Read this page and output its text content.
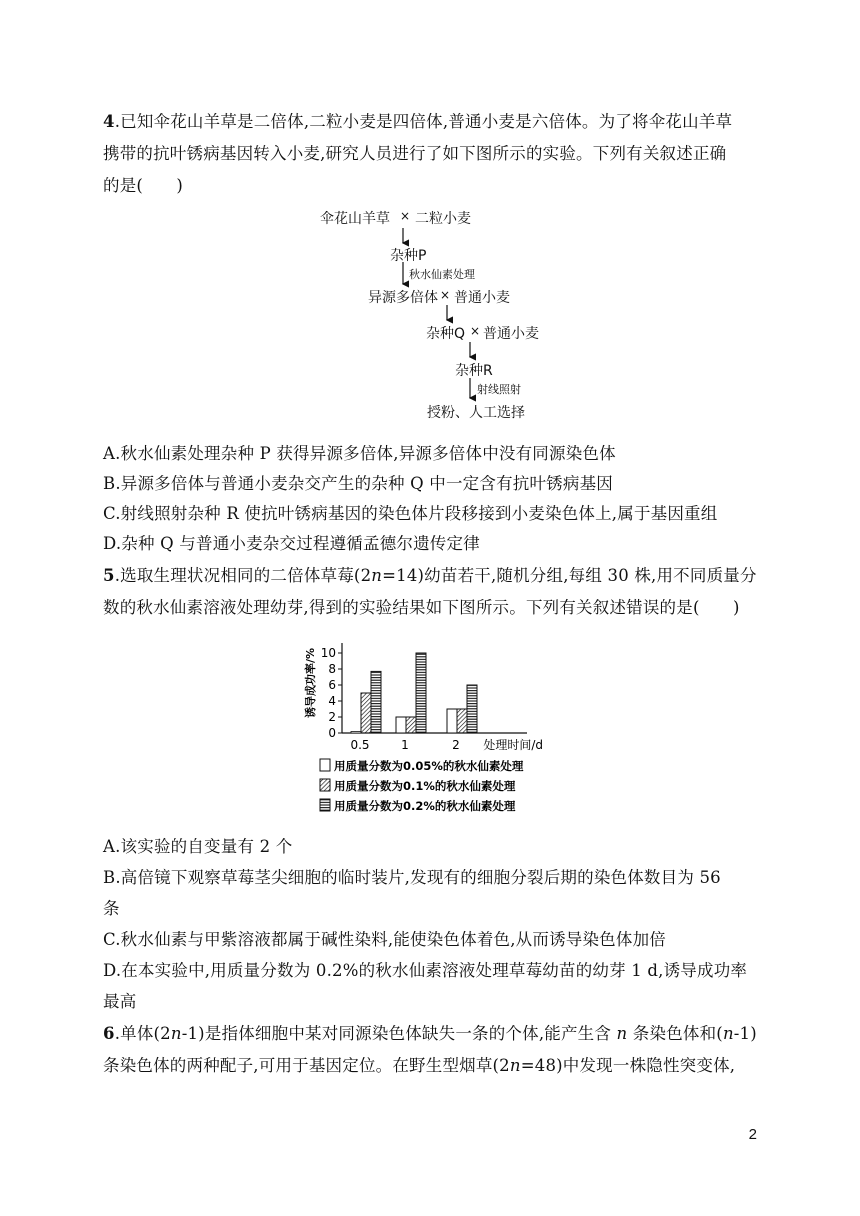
4.已知伞花山羊草是二倍体,二粒小麦是四倍体,普通小麦是六倍体。为了将伞花山羊草
携带的抗叶锈病基因转入小麦,研究人员进行了如下图所示的实验。下列有关叙述正确
的是(　　)
伞花山羊草 × 二粒小麦
杂种P
秋水仙素处理
异源多倍体 × 普通小麦
杂种Q × 普通小麦
杂种R
射线照射
授粉、人工选择
A.秋水仙素处理杂种 P 获得异源多倍体,异源多倍体中没有同源染色体
B.异源多倍体与普通小麦杂交产生的杂种 Q 中一定含有抗叶锈病基因
C.射线照射杂种 R 使抗叶锈病基因的染色体片段移接到小麦染色体上,属于基因重组
D.杂种 Q 与普通小麦杂交过程遵循孟德尔遗传定律
5.选取生理状况相同的二倍体草莓(2n=14)幼苗若干,随机分组,每组 30 株,用不同质量分
数的秋水仙素溶液处理幼芽,得到的实验结果如下图所示。下列有关叙述错误的是(　　)
0
2
4
6
8
10
诱导成功率/%
0.5	1	2 处理时间/d
用质量分数为0.05%的秋水仙素处理
用质量分数为0.1%的秋水仙素处理
用质量分数为0.2%的秋水仙素处理
A.该实验的自变量有 2 个
B.高倍镜下观察草莓茎尖细胞的临时装片,发现有的细胞分裂后期的染色体数目为 56
条
C.秋水仙素与甲紫溶液都属于碱性染料,能使染色体着色,从而诱导染色体加倍
D.在本实验中,用质量分数为 0.2%的秋水仙素溶液处理草莓幼苗的幼芽 1 d,诱导成功率
最高
6.单体(2n-1)是指体细胞中某对同源染色体缺失一条的个体,能产生含 n 条染色体和(n-1)
条染色体的两种配子,可用于基因定位。在野生型烟草(2n=48)中发现一株隐性突变体,
2
